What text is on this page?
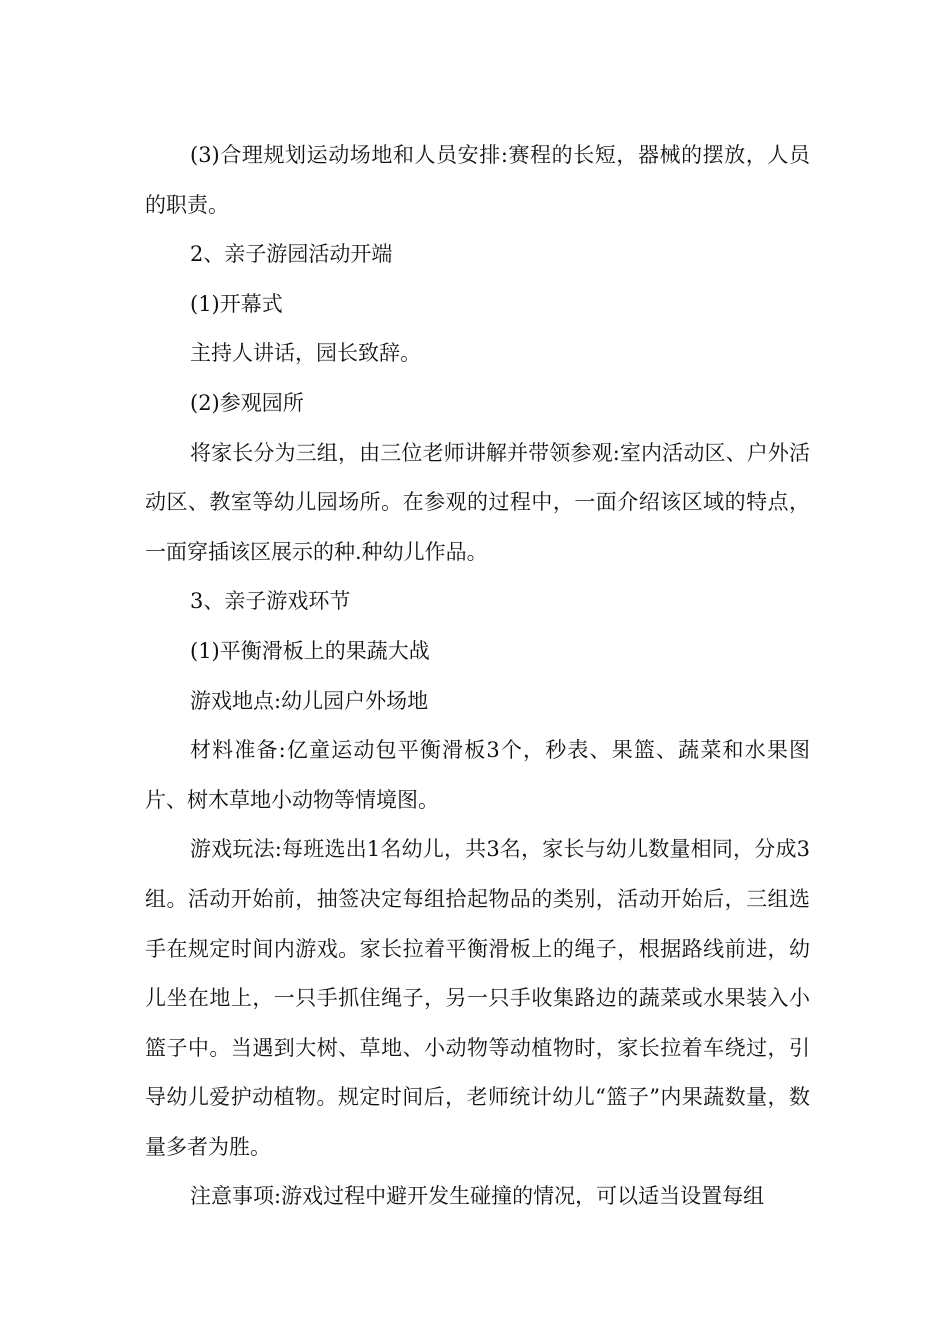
(3)合理规划运动场地和人员安排:赛程的长短，器械的摆放，人员的职责。

2、亲子游园活动开端

(1)开幕式

主持人讲话，园长致辞。

(2)参观园所

将家长分为三组，由三位老师讲解并带领参观:室内活动区、户外活动区、教室等幼儿园场所。在参观的过程中，一面介绍该区域的特点，一面穿插该区展示的种.种幼儿作品。

3、亲子游戏环节

(1)平衡滑板上的果蔬大战

游戏地点:幼儿园户外场地

材料准备:亿童运动包平衡滑板3个，秒表、果篮、蔬菜和水果图片、树木草地小动物等情境图。

游戏玩法:每班选出1名幼儿，共3名，家长与幼儿数量相同，分成3组。活动开始前，抽签决定每组拾起物品的类别，活动开始后，三组选手在规定时间内游戏。家长拉着平衡滑板上的绳子，根据路线前进，幼儿坐在地上，一只手抓住绳子，另一只手收集路边的蔬菜或水果装入小篮子中。当遇到大树、草地、小动物等动植物时，家长拉着车绕过，引导幼儿爱护动植物。规定时间后，老师统计幼儿“篮子”内果蔬数量，数量多者为胜。

注意事项:游戏过程中避开发生碰撞的情况，可以适当设置每组
